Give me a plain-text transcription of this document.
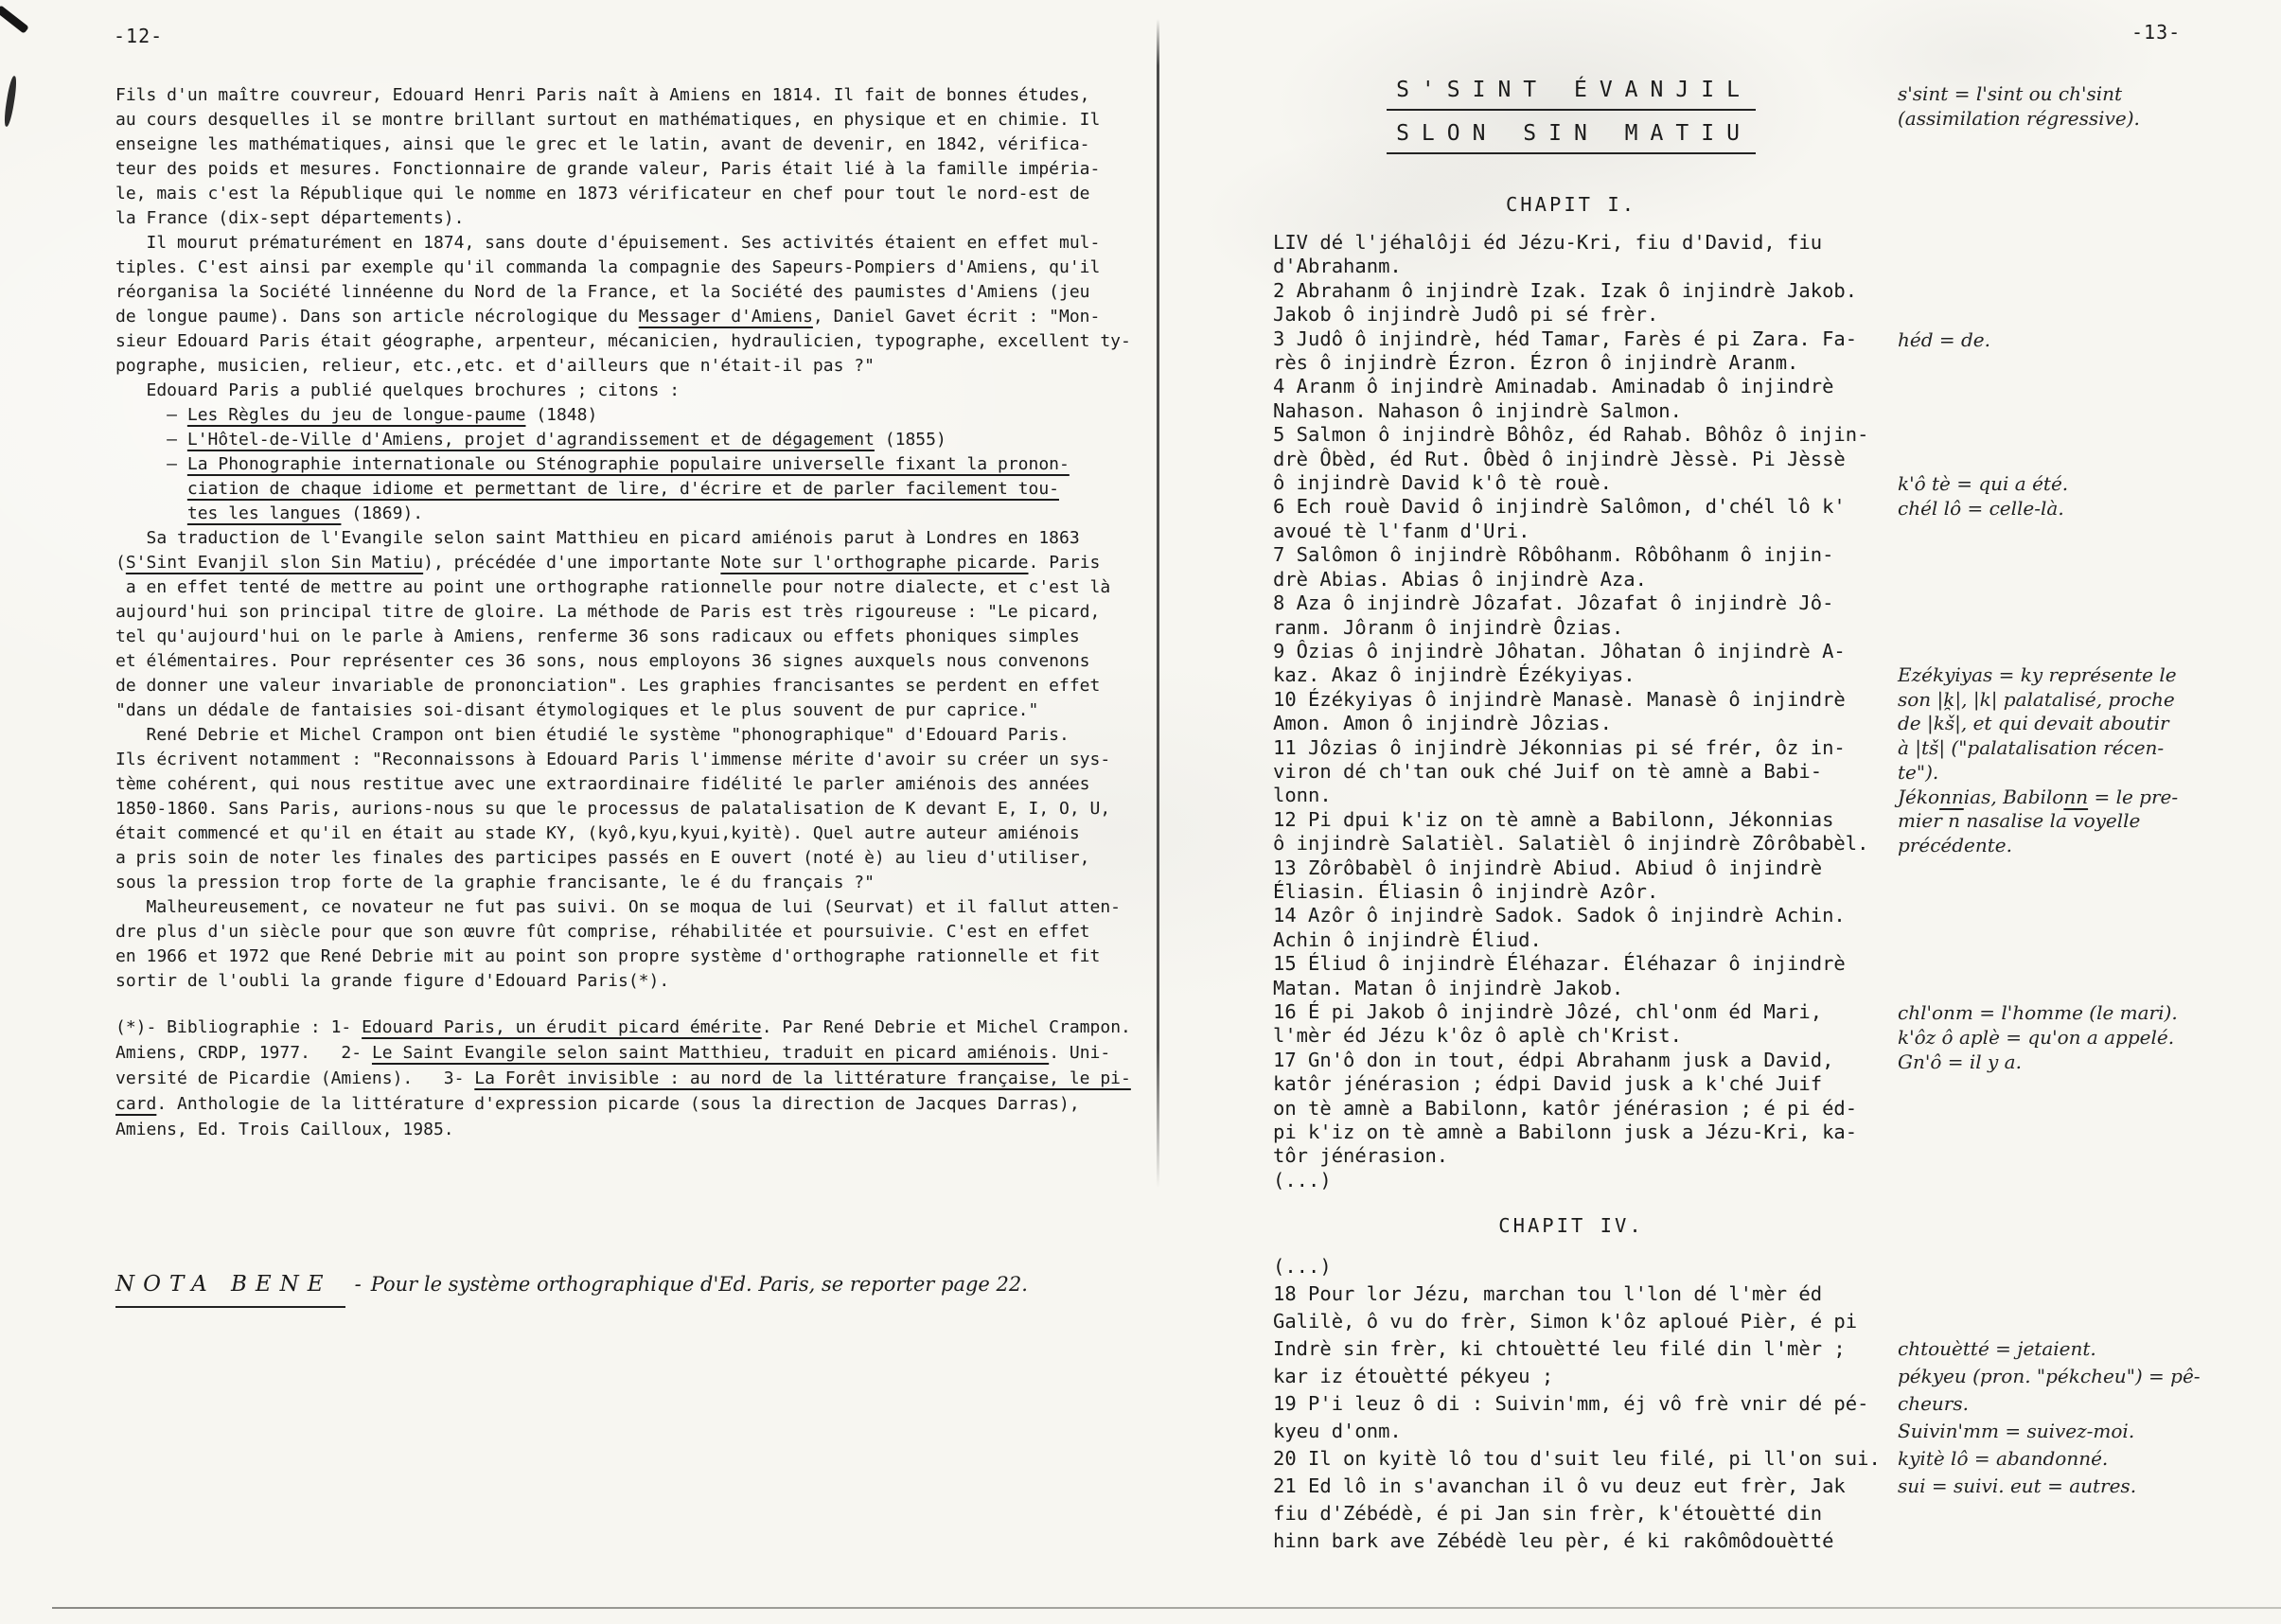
-12-	-13-
Fils d'un maître couvreur, Edouard Henri Paris naît à Amiens en 1814. Il fait de bonnes études,
au cours desquelles il se montre brillant surtout en mathématiques, en physique et en chimie. Il
enseigne les mathématiques, ainsi que le grec et le latin, avant de devenir, en 1842, vérifica-
teur des poids et mesures. Fonctionnaire de grande valeur, Paris était lié à la famille impéria-
le, mais c'est la République qui le nomme en 1873 vérificateur en chef pour tout le nord-est de
la France (dix-sept départements).
Il mourut prématurément en 1874, sans doute d'épuisement. Ses activités étaient en effet mul-
tiples. C'est ainsi par exemple qu'il commanda la compagnie des Sapeurs-Pompiers d'Amiens, qu'il
réorganisa la Société linnéenne du Nord de la France, et la Société des paumistes d'Amiens (jeu
de longue paume). Dans son article nécrologique du Messager d'Amiens, Daniel Gavet écrit : "Mon-
sieur Edouard Paris était géographe, arpenteur, mécanicien, hydraulicien, typographe, excellent ty-
pographe, musicien, relieur, etc.,etc. et d'ailleurs que n'était-il pas ?"
Edouard Paris a publié quelques brochures ; citons :
— Les Règles du jeu de longue-paume (1848)
— L'Hôtel-de-Ville d'Amiens, projet d'agrandissement et de dégagement (1855)
— La Phonographie internationale ou Sténographie populaire universelle fixant la pronon-
ciation de chaque idiome et permettant de lire, d'écrire et de parler facilement tou-
tes les langues (1869).
Sa traduction de l'Evangile selon saint Matthieu en picard amiénois parut à Londres en 1863
(S'Sint Evanjil slon Sin Matiu), précédée d'une importante Note sur l'orthographe picarde. Paris
a en effet tenté de mettre au point une orthographe rationnelle pour notre dialecte, et c'est là
aujourd'hui son principal titre de gloire. La méthode de Paris est très rigoureuse : "Le picard,
tel qu'aujourd'hui on le parle à Amiens, renferme 36 sons radicaux ou effets phoniques simples
et élémentaires. Pour représenter ces 36 sons, nous employons 36 signes auxquels nous convenons
de donner une valeur invariable de prononciation". Les graphies francisantes se perdent en effet
"dans un dédale de fantaisies soi-disant étymologiques et le plus souvent de pur caprice."
René Debrie et Michel Crampon ont bien étudié le système "phonographique" d'Edouard Paris.
Ils écrivent notamment : "Reconnaissons à Edouard Paris l'immense mérite d'avoir su créer un sys-
tème cohérent, qui nous restitue avec une extraordinaire fidélité le parler amiénois des années
1850-1860. Sans Paris, aurions-nous su que le processus de palatalisation de K devant E, I, O, U,
était commencé et qu'il en était au stade KY, (kyô,kyu,kyui,kyitè). Quel autre auteur amiénois
a pris soin de noter les finales des participes passés en E ouvert (noté è) au lieu d'utiliser,
sous la pression trop forte de la graphie francisante, le é du français ?"
Malheureusement, ce novateur ne fut pas suivi. On se moqua de lui (Seurvat) et il fallut atten-
dre plus d'un siècle pour que son œuvre fût comprise, réhabilitée et poursuivie. C'est en effet
en 1966 et 1972 que René Debrie mit au point son propre système d'orthographe rationnelle et fit
sortir de l'oubli la grande figure d'Edouard Paris(*).
(*)- Bibliographie : 1- Edouard Paris, un érudit picard émérite. Par René Debrie et Michel Crampon.
Amiens, CRDP, 1977.   2- Le Saint Evangile selon saint Matthieu, traduit en picard amiénois. Uni-
versité de Picardie (Amiens).   3- La Forêt invisible : au nord de la littérature française, le pi-
card. Anthologie de la littérature d'expression picarde (sous la direction de Jacques Darras),
Amiens, Ed. Trois Cailloux, 1985.
NOTA BENE - Pour le système orthographique d'Ed. Paris, se reporter page 22.
S'SINT ÉVANJIL
SLON SIN MATIU
CHAPIT I.
LIV dé l'jéhalôji éd Jézu-Kri, fiu d'David, fiu
d'Abrahanm.
2 Abrahanm ô injindrè Izak. Izak ô injindrè Jakob.
Jakob ô injindrè Judô pi sé frèr.
3 Judô ô injindrè, héd Tamar, Farès é pi Zara. Fa-
rès ô injindrè Ézron. Ézron ô injindrè Aranm.
4 Aranm ô injindrè Aminadab. Aminadab ô injindrè
Nahason. Nahason ô injindrè Salmon.
5 Salmon ô injindrè Bôhôz, éd Rahab. Bôhôz ô injin-
drè Ôbèd, éd Rut. Ôbèd ô injindrè Jèssè. Pi Jèssè
ô injindrè David k'ô tè rouè.
6 Ech rouè David ô injindrè Salômon, d'chél lô k'
avoué tè l'fanm d'Uri.
7 Salômon ô injindrè Rôbôhanm. Rôbôhanm ô injin-
drè Abias. Abias ô injindrè Aza.
8 Aza ô injindrè Jôzafat. Jôzafat ô injindrè Jô-
ranm. Jôranm ô injindrè Ôzias.
9 Ôzias ô injindrè Jôhatan. Jôhatan ô injindrè A-
kaz. Akaz ô injindrè Ézékyiyas.
10 Ézékyiyas ô injindrè Manasè. Manasè ô injindrè
Amon. Amon ô injindrè Jôzias.
11 Jôzias ô injindrè Jékonnias pi sé frér, ôz in-
viron dé ch'tan ouk ché Juif on tè amnè a Babi-
lonn.
12 Pi dpui k'iz on tè amnè a Babilonn, Jékonnias
ô injindrè Salatièl. Salatièl ô injindrè Zôrôbabèl.
13 Zôrôbabèl ô injindrè Abiud. Abiud ô injindrè
Éliasin. Éliasin ô injindrè Azôr.
14 Azôr ô injindrè Sadok. Sadok ô injindrè Achin.
Achin ô injindrè Éliud.
15 Éliud ô injindrè Éléhazar. Éléhazar ô injindrè
Matan. Matan ô injindrè Jakob.
16 É pi Jakob ô injindrè Jôzé, chl'onm éd Mari,
l'mèr éd Jézu k'ôz ô aplè ch'Krist.
17 Gn'ô don in tout, édpi Abrahanm jusk a David,
katôr jénérasion ; édpi David jusk a k'ché Juif
on tè amnè a Babilonn, katôr jénérasion ; é pi éd-
pi k'iz on tè amnè a Babilonn jusk a Jézu-Kri, ka-
tôr jénérasion.
(...)
CHAPIT IV.
(...)
18 Pour lor Jézu, marchan tou l'lon dé l'mèr éd
Galilè, ô vu do frèr, Simon k'ôz aploué Pièr, é pi
Indrè sin frèr, ki chtouètté leu filé din l'mèr ;
kar iz étouètté pékyeu ;
19 P'i leuz ô di : Suivin'mm, éj vô frè vnir dé pé-
kyeu d'onm.
20 Il on kyitè lô tou d'suit leu filé, pi ll'on sui.
21 Ed lô in s'avanchan il ô vu deuz eut frèr, Jak
fiu d'Zébédè, é pi Jan sin frèr, k'étouètté din
hinn bark ave Zébédè leu pèr, é ki rakômôdouètté
s'sint = l'sint ou ch'sint
(assimilation régressive).
héd = de.
k'ô tè = qui a été.
chél lô = celle-là.
Ezékyiyas = ky représente le
son |k̯|, |k| palatalisé, proche
de |kš|, et qui devait aboutir
à |tš| ("palatalisation récen-
te").
Jékonnias, Babilonn = le pre-
mier n nasalise la voyelle
précédente.
chl'onm = l'homme (le mari).
k'ôz ô aplè = qu'on a appelé.
Gn'ô = il y a.
chtouètté = jetaient.
pékyeu (pron. "pékcheu") = pê-
cheurs.
Suivin'mm = suivez-moi.
kyitè lô = abandonné.
sui = suivi. eut = autres.
